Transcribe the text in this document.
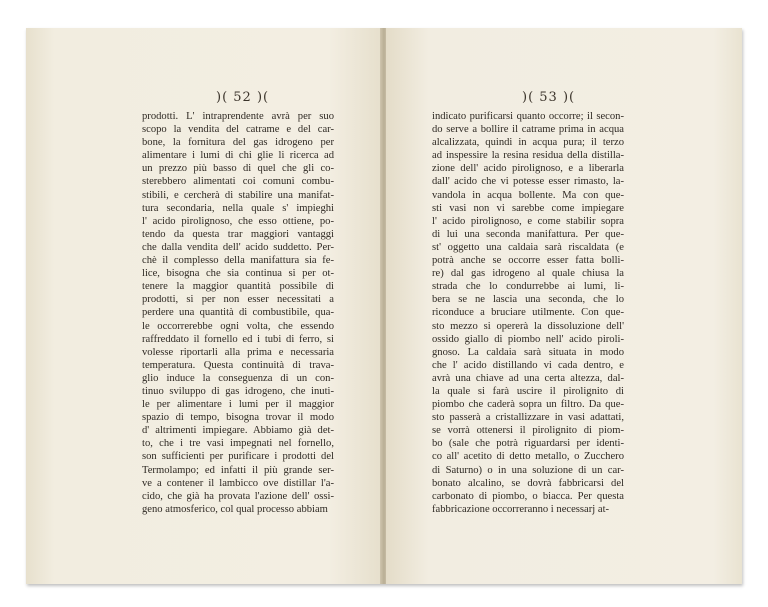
)( 52 )(
prodotti. L' intraprendente avrà per suo
scopo la vendita del catrame e del car-
bone, la fornitura del gas idrogeno per
alimentare i lumi di chi glie li ricerca ad
un prezzo più basso di quel che gli co-
sterebbero alimentati coi comuni combu-
stibili, e cercherà di stabilire una manifat-
tura secondaria, nella quale s' impieghi
l' acido pirolignoso, che esso ottiene, po-
tendo da questa trar maggiori vantaggi
che dalla vendita dell' acido suddetto. Per-
chè il complesso della manifattura sia fe-
lice, bisogna che sia continua si per ot-
tenere la maggior quantità possibile di
prodotti, si per non esser necessitati a
perdere una quantità di combustibile, qua-
le occorrerebbe ogni volta, che essendo
raffreddato il fornello ed i tubi di ferro, si
volesse riportarli alla prima e necessaria
temperatura. Questa continuità di trava-
glio induce la conseguenza di un con-
tinuo sviluppo di gas idrogeno, che inuti-
le per alimentare i lumi per il maggior
spazio di tempo, bisogna trovar il modo
d' altrimenti impiegare. Abbiamo già det-
to, che i tre vasi impegnati nel fornello,
son sufficienti per purificare i prodotti del
Termolampo; ed infatti il più grande ser-
ve a contener il lambicco ove distillar l'a-
cido, che già ha provata l'azione dell' ossi-
geno atmosferico, col qual processo abbiam
)( 53 )(
indicato purificarsi quanto occorre; il secon-
do serve a bollire il catrame prima in acqua
alcalizzata, quindi in acqua pura; il terzo
ad inspessire la resina residua della distilla-
zione dell' acido pirolignoso, e a liberarla
dall' acido che vi potesse esser rimasto, la-
vandola in acqua bollente. Ma con que-
sti vasi non vi sarebbe come impiegare
l' acido pirolignoso, e come stabilir sopra
di lui una seconda manifattura. Per que-
st' oggetto una caldaia sarà riscaldata (e
potrà anche se occorre esser fatta bolli-
re) dal gas idrogeno al quale chiusa la
strada che lo condurrebbe ai lumi, li-
bera se ne lascia una seconda, che lo
riconduce a bruciare utilmente. Con que-
sto mezzo si opererà la dissoluzione dell'
ossido giallo di piombo nell' acido piroli-
gnoso. La caldaia sarà situata in modo
che l' acido distillando vi cada dentro, e
avrà una chiave ad una certa altezza, dal-
la quale si farà uscire il pirolignito di
piombo che caderà sopra un filtro. Da que-
sto passerà a cristallizzare in vasi adattati,
se vorrà ottenersi il pirolignito di piom-
bo (sale che potrà riguardarsi per identi-
co all' acetito di detto metallo, o Zucchero
di Saturno) o in una soluzione di un car-
bonato alcalino, se dovrà fabbricarsi del
carbonato di piombo, o biacca. Per questa
fabbricazione occorreranno i necessarj at-
